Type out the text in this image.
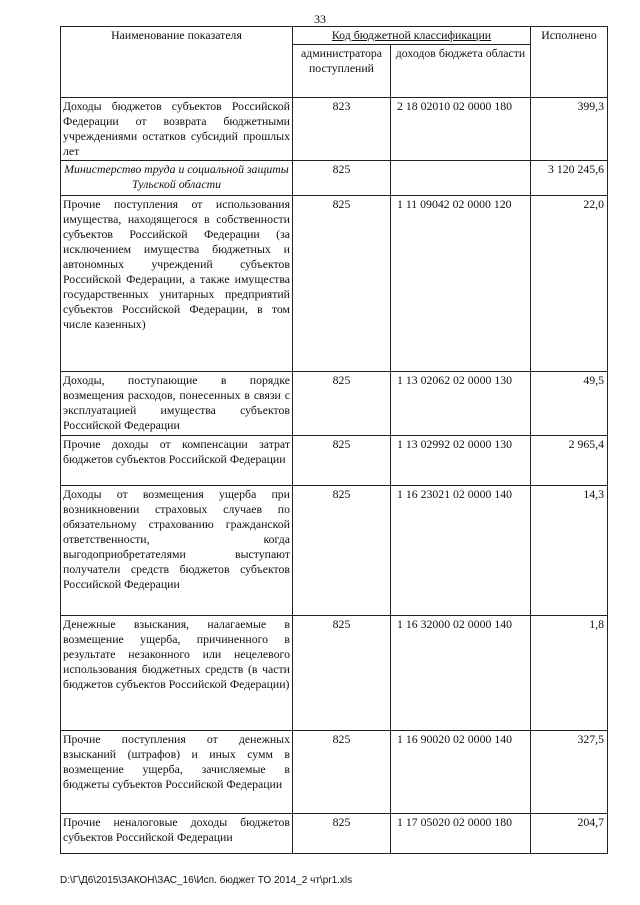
33
Наименование показателя	Код бюджетной классификации		Исполнено
	администратора поступлений	доходов бюджета области	
Доходы бюджетов субъектов Российской Федерации от возврата бюджетными учреждениями остатков субсидий прошлых лет	823	2 18 02010 02 0000 180	399,3
Министерство труда и социальной защиты Тульской области	825		3 120 245,6
Прочие поступления от использования имущества, находящегося в собственности субъектов Российской Федерации (за исключением имущества бюджетных и автономных учреждений субъектов Российской Федерации, а также имущества государственных унитарных предприятий субъектов Российской Федерации, в том числе казенных)	825	1 11 09042 02 0000 120	22,0
Доходы, поступающие в порядке возмещения расходов, понесенных в связи с эксплуатацией имущества субъектов Российской Федерации	825	1 13 02062 02 0000 130	49,5
Прочие доходы от компенсации затрат бюджетов субъектов Российской Федерации	825	1 13 02992 02 0000 130	2 965,4
Доходы от возмещения ущерба при возникновении страховых случаев по обязательному страхованию гражданской ответственности, когда выгодоприобретателями выступают получатели средств бюджетов субъектов Российской Федерации	825	1 16 23021 02 0000 140	14,3
Денежные взыскания, налагаемые в возмещение ущерба, причиненного в результате незаконного или нецелевого использования бюджетных средств (в части бюджетов субъектов Российской Федерации)	825	1 16 32000 02 0000 140	1,8
Прочие поступления от денежных взысканий (штрафов) и иных сумм в возмещение ущерба, зачисляемые в бюджеты субъектов Российской Федерации	825	1 16 90020 02 0000 140	327,5
Прочие неналоговые доходы бюджетов субъектов Российской Федерации	825	1 17 05020 02 0000 180	204,7
D:\Г\Д6\2015\ЗАКОН\ЗАС_16\Исп. бюджет ТО 2014_2 чт\pr1.xls
